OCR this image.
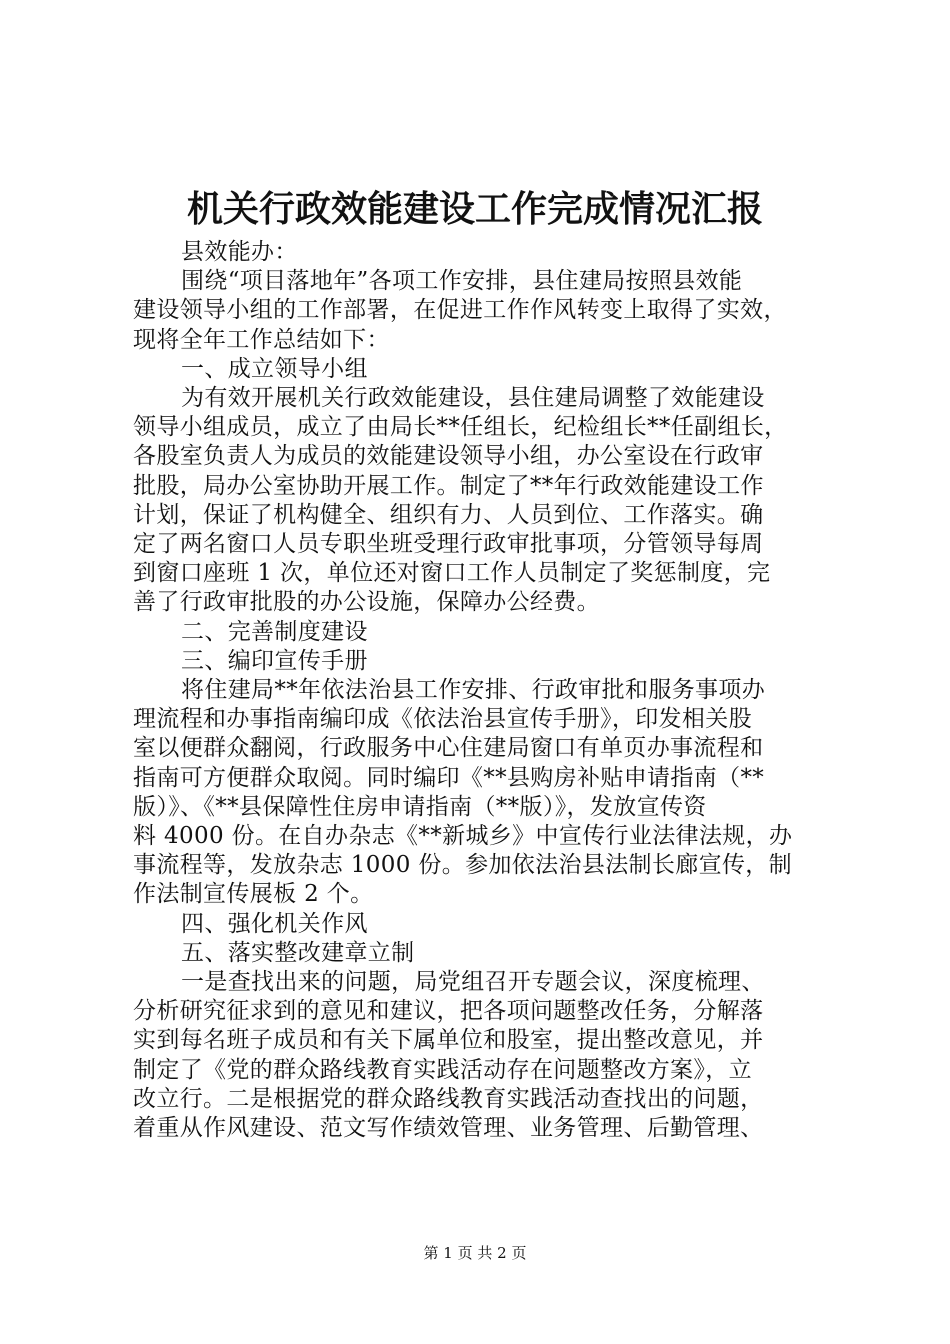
机关行政效能建设工作完成情况汇报
县效能办：
围绕“项目落地年”各项工作安排，县住建局按照县效能
建设领导小组的工作部署，在促进工作作风转变上取得了实效，
现将全年工作总结如下：
一、成立领导小组
为有效开展机关行政效能建设，县住建局调整了效能建设
领导小组成员，成立了由局长**任组长，纪检组长**任副组长，
各股室负责人为成员的效能建设领导小组，办公室设在行政审
批股，局办公室协助开展工作。制定了**年行政效能建设工作
计划，保证了机构健全、组织有力、人员到位、工作落实。确
定了两名窗口人员专职坐班受理行政审批事项，分管领导每周
到窗口座班 1 次，单位还对窗口工作人员制定了奖惩制度，完
善了行政审批股的办公设施，保障办公经费。
二、完善制度建设
三、编印宣传手册
将住建局**年依法治县工作安排、行政审批和服务事项办
理流程和办事指南编印成《依法治县宣传手册》，印发相关股
室以便群众翻阅，行政服务中心住建局窗口有单页办事流程和
指南可方便群众取阅。同时编印《**县购房补贴申请指南（**
版）》、《**县保障性住房申请指南（**版）》，发放宣传资
料 4000 份。在自办杂志《**新城乡》中宣传行业法律法规，办
事流程等，发放杂志 1000 份。参加依法治县法制长廊宣传，制
作法制宣传展板 2 个。
四、强化机关作风
五、落实整改建章立制
一是查找出来的问题，局党组召开专题会议，深度梳理、
分析研究征求到的意见和建议，把各项问题整改任务，分解落
实到每名班子成员和有关下属单位和股室，提出整改意见，并
制定了《党的群众路线教育实践活动存在问题整改方案》，立
改立行。二是根据党的群众路线教育实践活动查找出的问题，
着重从作风建设、范文写作绩效管理、业务管理、后勤管理、
第 1 页 共 2 页
